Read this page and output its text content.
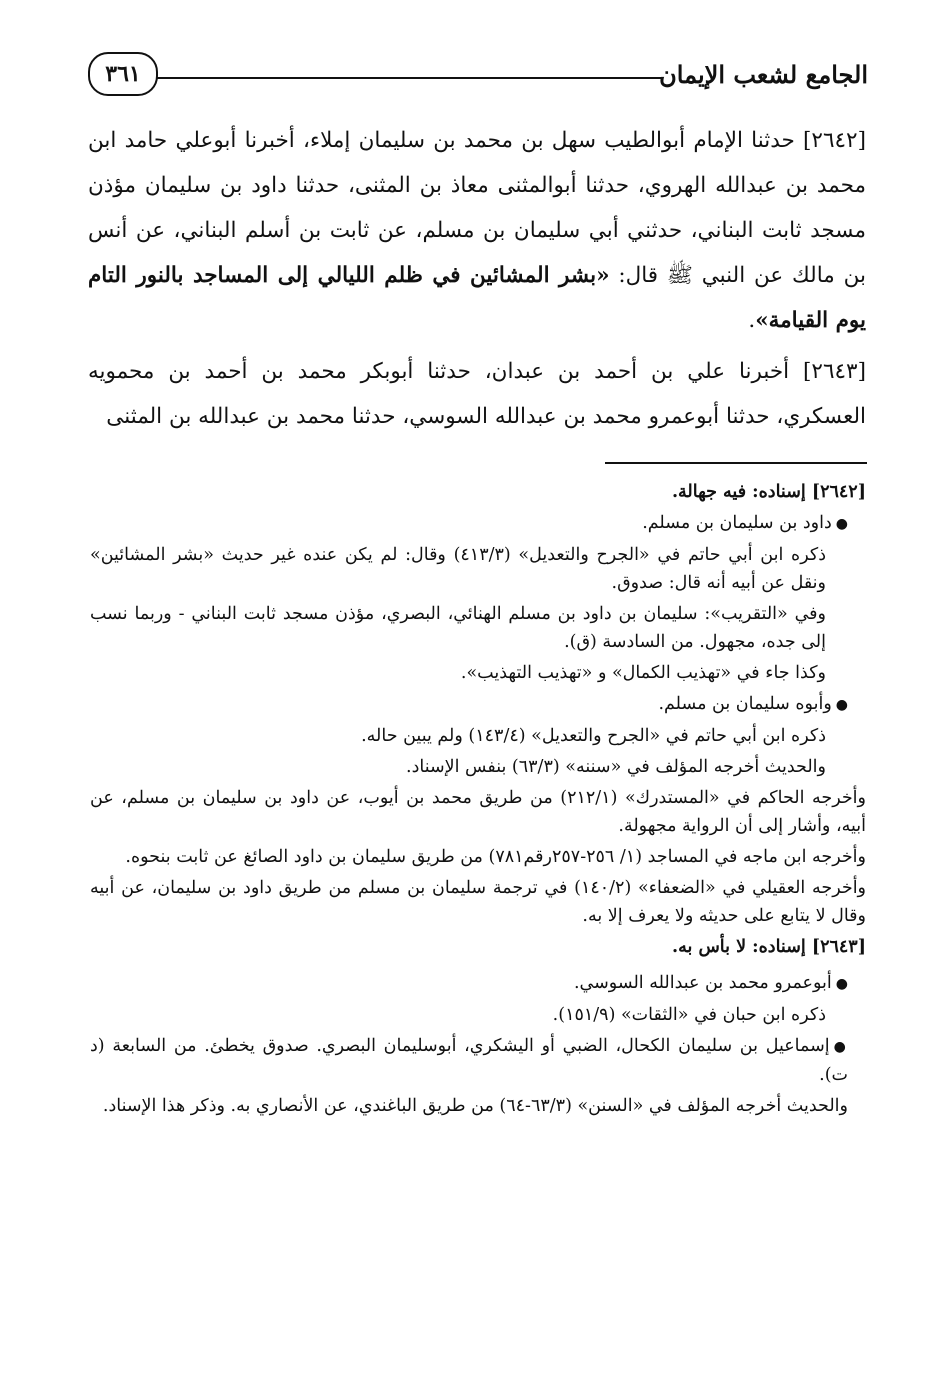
الجامع لشعب الإيمان
٣٦١

[٢٦٤٢] حدثنا الإمام أبوالطيب سهل بن محمد بن سليمان إملاء، أخبرنا أبوعلي حامد ابن محمد بن عبدالله الهروي، حدثنا أبوالمثنى معاذ بن المثنى، حدثنا داود بن سليمان مؤذن مسجد ثابت البناني، حدثني أبي سليمان بن مسلم، عن ثابت بن أسلم البناني، عن أنس بن مالك عن النبي ﷺ قال: «بشر المشائين في ظلم الليالي إلى المساجد بالنور التام يوم القيامة».

[٢٦٤٣] أخبرنا علي بن أحمد بن عبدان، حدثنا أبوبكر محمد بن أحمد بن محمويه العسكري، حدثنا أبوعمرو محمد بن عبدالله السوسي، حدثنا محمد بن عبدالله بن المثنى

[٢٦٤٢] إسناده: فيه جهالة.

●داود بن سليمان بن مسلم.

ذكره ابن أبي حاتم في «الجرح والتعديل» (٤١٣/٣) وقال: لم يكن عنده غير حديث «بشر المشائين» ونقل عن أبيه أنه قال: صدوق.

وفي «التقريب»: سليمان بن داود بن مسلم الهنائي، البصري، مؤذن مسجد ثابت البناني - وربما نسب إلى جده، مجهول. من السادسة (ق).

وكذا جاء في «تهذيب الكمال» و «تهذيب التهذيب».

●وأبوه سليمان بن مسلم.

ذكره ابن أبي حاتم في «الجرح والتعديل» (١٤٣/٤) ولم يبين حاله.

والحديث أخرجه المؤلف في «سننه» (٦٣/٣) بنفس الإسناد.

وأخرجه الحاكم في «المستدرك» (٢١٢/١) من طريق محمد بن أيوب، عن داود بن سليمان بن مسلم، عن أبيه، وأشار إلى أن الرواية مجهولة.

وأخرجه ابن ماجه في المساجد (١/ ٢٥٦-٢٥٧رقم٧٨١) من طريق سليمان بن داود الصائغ عن ثابت بنحوه.

وأخرجه العقيلي في «الضعفاء» (١٤٠/٢) في ترجمة سليمان بن مسلم من طريق داود بن سليمان، عن أبيه وقال لا يتابع على حديثه ولا يعرف إلا به.

[٢٦٤٣] إسناده: لا بأس به.

●أبوعمرو محمد بن عبدالله السوسي.

ذكره ابن حبان في «الثقات» (١٥١/٩).

●إسماعيل بن سليمان الكحال، الضبي أو اليشكري، أبوسليمان البصري. صدوق يخطئ. من السابعة (د ت).

والحديث أخرجه المؤلف في «السنن» (٦٣/٣-٦٤) من طريق الباغندي، عن الأنصاري به. وذكر هذا الإسناد.
